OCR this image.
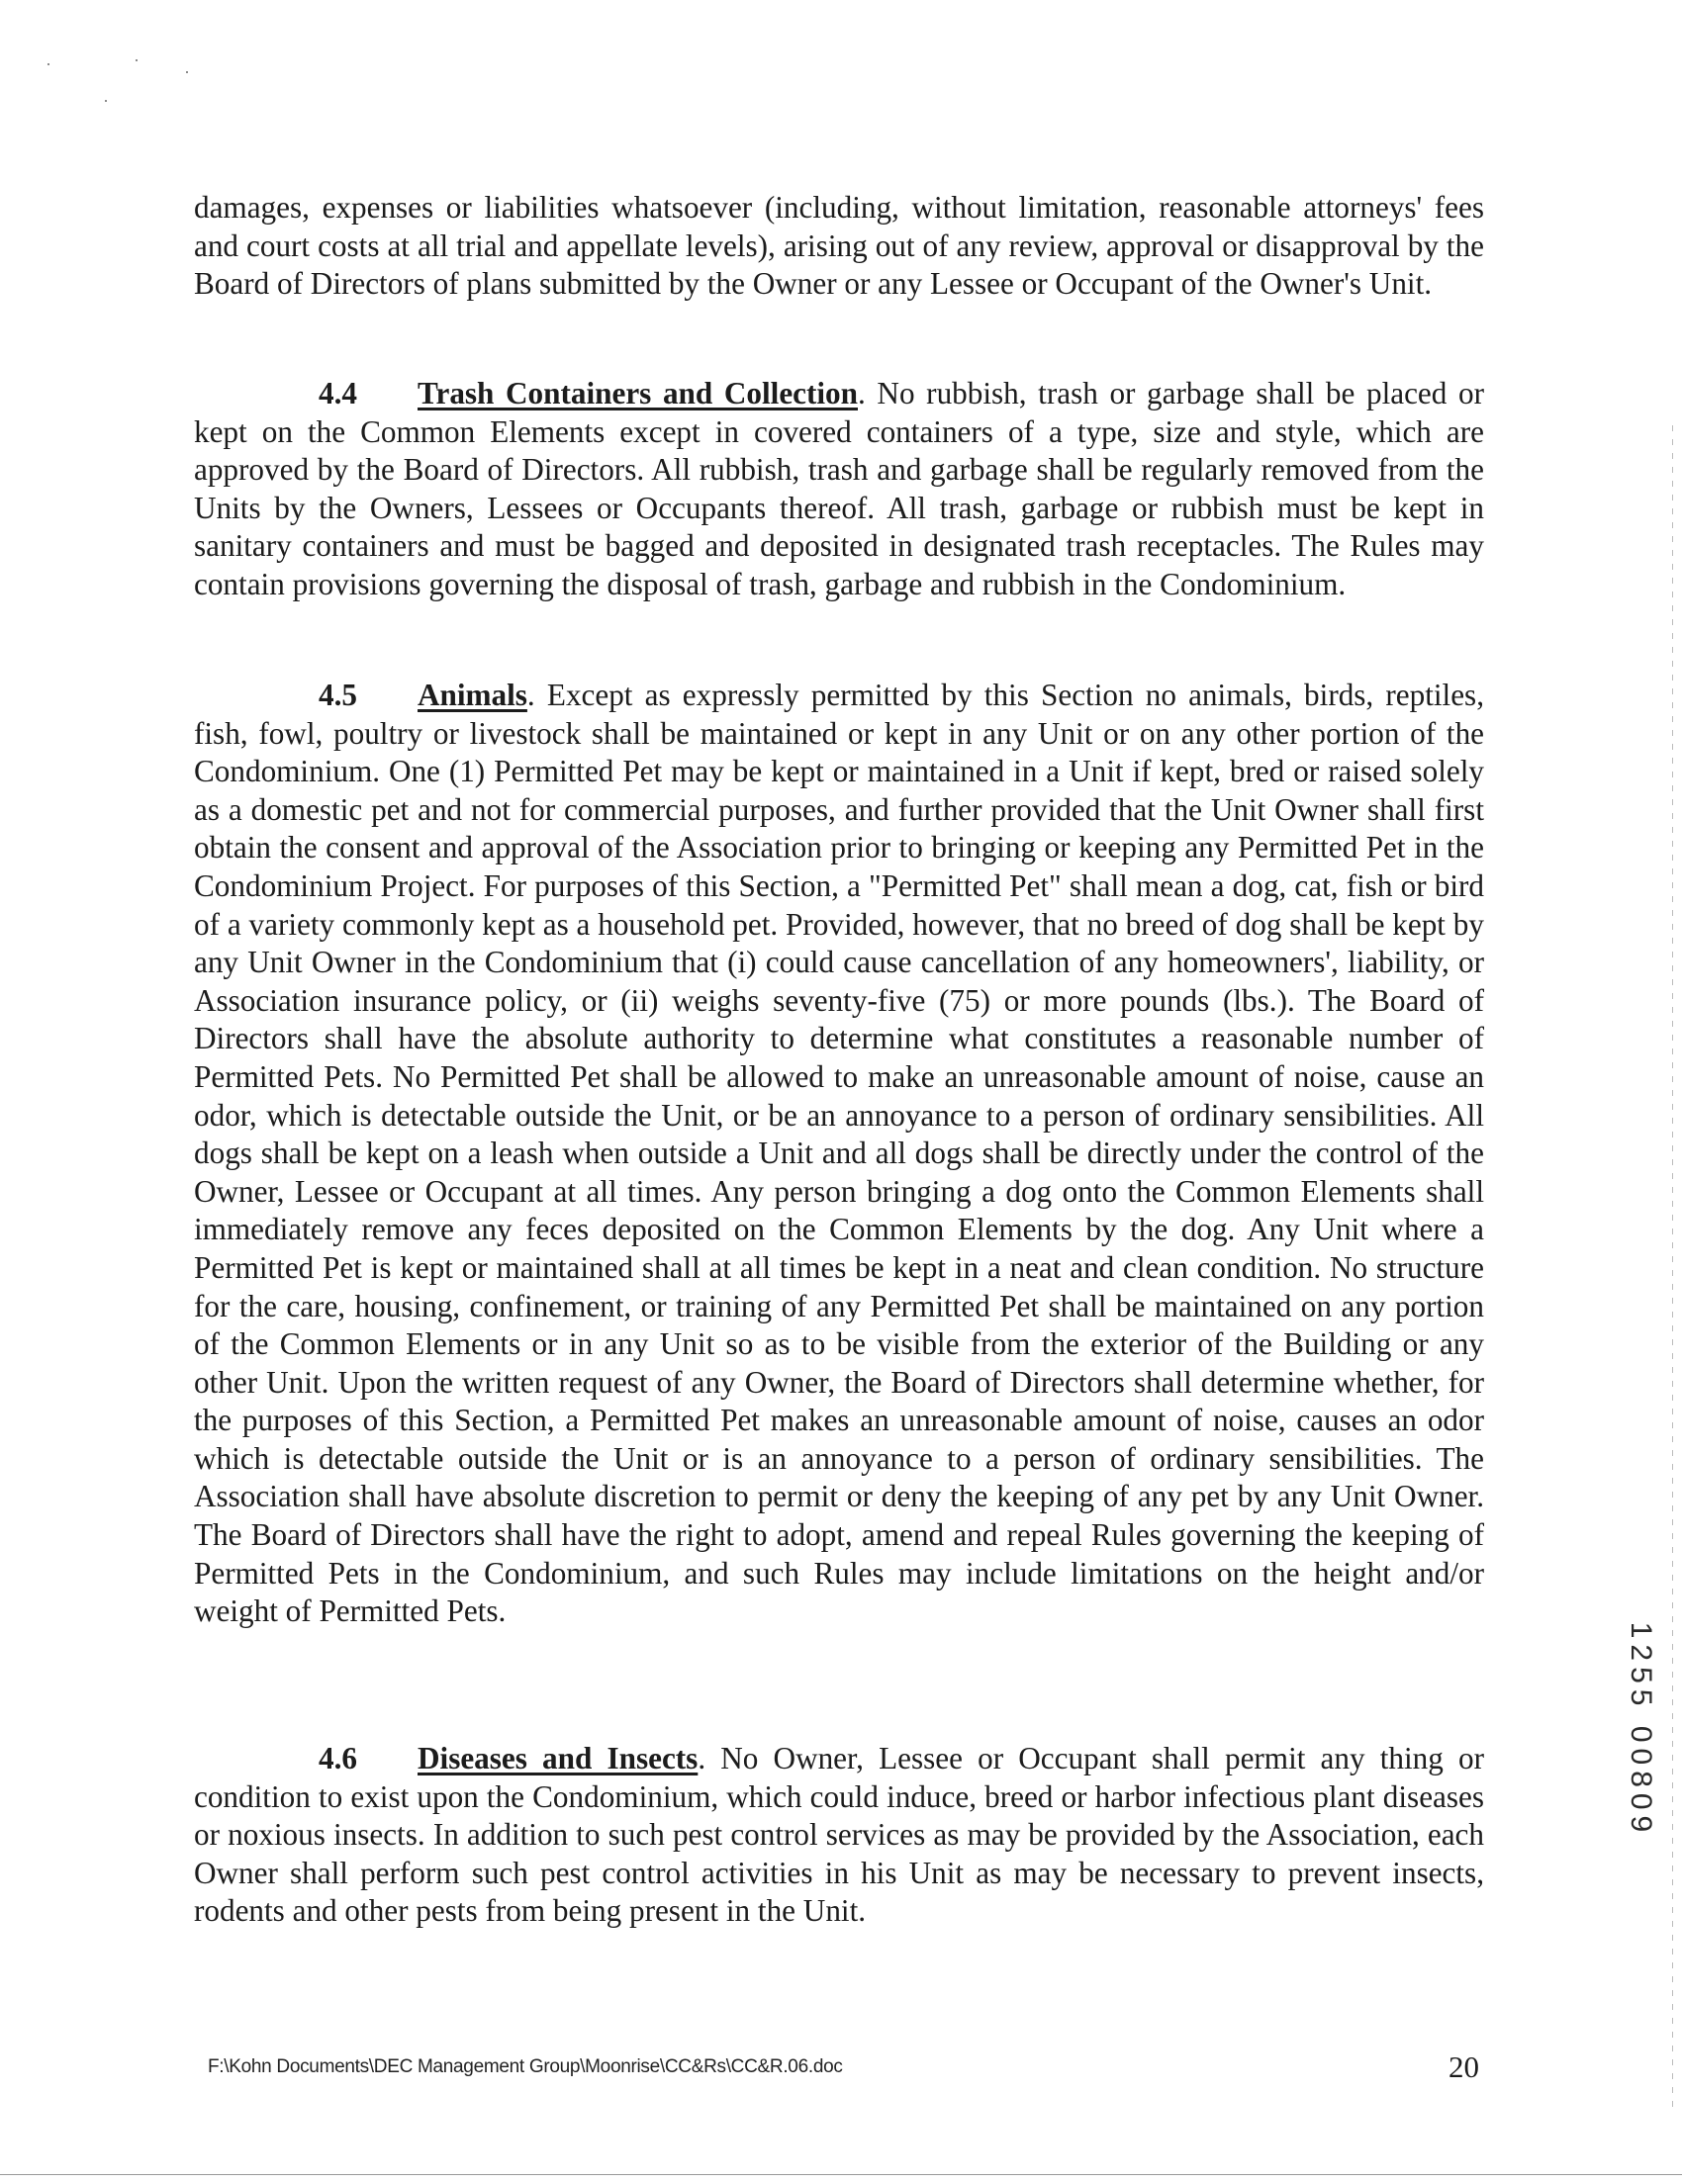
damages, expenses or liabilities whatsoever (including, without limitation, reasonable attorneys' fees and court costs at all trial and appellate levels), arising out of any review, approval or disapproval by the Board of Directors of plans submitted by the Owner or any Lessee or Occupant of the Owner's Unit.

4.4 Trash Containers and Collection. No rubbish, trash or garbage shall be placed or kept on the Common Elements except in covered containers of a type, size and style, which are approved by the Board of Directors. All rubbish, trash and garbage shall be regularly removed from the Units by the Owners, Lessees or Occupants thereof. All trash, garbage or rubbish must be kept in sanitary containers and must be bagged and deposited in designated trash receptacles. The Rules may contain provisions governing the disposal of trash, garbage and rubbish in the Condominium.

4.5 Animals. Except as expressly permitted by this Section no animals, birds, reptiles, fish, fowl, poultry or livestock shall be maintained or kept in any Unit or on any other portion of the Condominium. One (1) Permitted Pet may be kept or maintained in a Unit if kept, bred or raised solely as a domestic pet and not for commercial purposes, and further provided that the Unit Owner shall first obtain the consent and approval of the Association prior to bringing or keeping any Permitted Pet in the Condominium Project. For purposes of this Section, a "Permitted Pet" shall mean a dog, cat, fish or bird of a variety commonly kept as a household pet. Provided, however, that no breed of dog shall be kept by any Unit Owner in the Condominium that (i) could cause cancellation of any homeowners', liability, or Association insurance policy, or (ii) weighs seventy-five (75) or more pounds (lbs.). The Board of Directors shall have the absolute authority to determine what constitutes a reasonable number of Permitted Pets. No Permitted Pet shall be allowed to make an unreasonable amount of noise, cause an odor, which is detectable outside the Unit, or be an annoyance to a person of ordinary sensibilities. All dogs shall be kept on a leash when outside a Unit and all dogs shall be directly under the control of the Owner, Lessee or Occupant at all times. Any person bringing a dog onto the Common Elements shall immediately remove any feces deposited on the Common Elements by the dog. Any Unit where a Permitted Pet is kept or maintained shall at all times be kept in a neat and clean condition. No structure for the care, housing, confinement, or training of any Permitted Pet shall be maintained on any portion of the Common Elements or in any Unit so as to be visible from the exterior of the Building or any other Unit. Upon the written request of any Owner, the Board of Directors shall determine whether, for the purposes of this Section, a Permitted Pet makes an unreasonable amount of noise, causes an odor which is detectable outside the Unit or is an annoyance to a person of ordinary sensibilities. The Association shall have absolute discretion to permit or deny the keeping of any pet by any Unit Owner. The Board of Directors shall have the right to adopt, amend and repeal Rules governing the keeping of Permitted Pets in the Condominium, and such Rules may include limitations on the height and/or weight of Permitted Pets.

4.6 Diseases and Insects. No Owner, Lessee or Occupant shall permit any thing or condition to exist upon the Condominium, which could induce, breed or harbor infectious plant diseases or noxious insects. In addition to such pest control services as may be provided by the Association, each Owner shall perform such pest control activities in his Unit as may be necessary to prevent insects, rodents and other pests from being present in the Unit.

1255 00809
F:\Kohn Documents\DEC Management Group\Moonrise\CC&Rs\CC&R.06.doc	20
